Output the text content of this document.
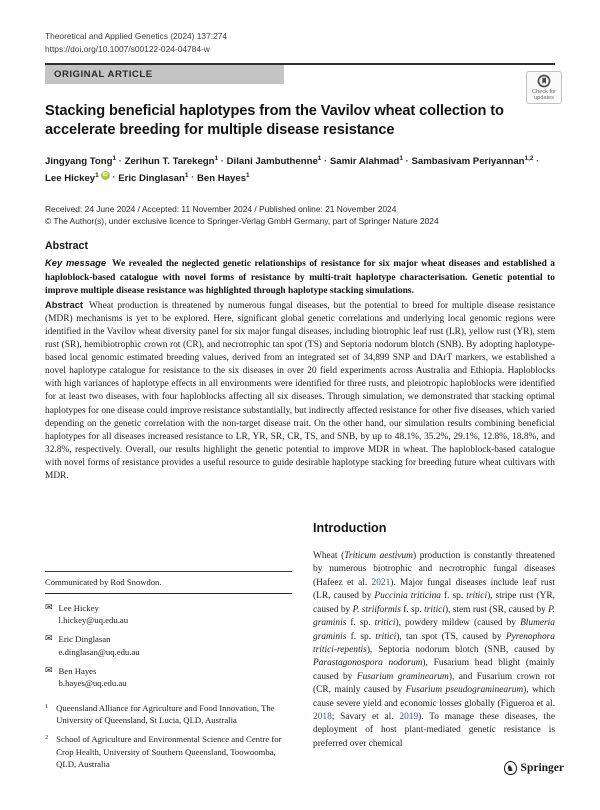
Theoretical and Applied Genetics (2024) 137:274
https://doi.org/10.1007/s00122-024-04784-w
ORIGINAL ARTICLE
Check for
updates
Stacking beneficial haplotypes from the Vavilov wheat collection to accelerate breeding for multiple disease resistance
Jingyang Tong$^1$ · Zerihun T. Tarekegn$^1$ · Dilani Jambuthenne$^1$ · Samir Alahmad$^1$ · Sambasivam Periyannan$^{1,2}$ · Lee Hickey$^1$ iD · Eric Dinglasan$^1$ · Ben Hayes$^1$
Received: 24 June 2024 / Accepted: 11 November 2024 / Published online: 21 November 2024
© The Author(s), under exclusive licence to Springer-Verlag GmbH Germany, part of Springer Nature 2024
Abstract

Key message We revealed the neglected genetic relationships of resistance for six major wheat diseases and established a haploblock-based catalogue with novel forms of resistance by multi-trait haplotype characterisation. Genetic potential to improve multiple disease resistance was highlighted through haplotype stacking simulations.

Abstract Wheat production is threatened by numerous fungal diseases, but the potential to breed for multiple disease resistance (MDR) mechanisms is yet to be explored. Here, significant global genetic correlations and underlying local genomic regions were identified in the Vavilov wheat diversity panel for six major fungal diseases, including biotrophic leaf rust (LR), yellow rust (YR), stem rust (SR), hemibiotrophic crown rot (CR), and necrotrophic tan spot (TS) and Septoria nodorum blotch (SNB). By adopting haplotype-based local genomic estimated breeding values, derived from an integrated set of 34,899 SNP and DArT markers, we established a novel haplotype catalogue for resistance to the six diseases in over 20 field experiments across Australia and Ethiopia. Haploblocks with high variances of haplotype effects in all environments were identified for three rusts, and pleiotropic haploblocks were identified for at least two diseases, with four haploblocks affecting all six diseases. Through simulation, we demonstrated that stacking optimal haplotypes for one disease could improve resistance substantially, but indirectly affected resistance for other five diseases, which varied depending on the genetic correlation with the non-target disease trait. On the other hand, our simulation results combining beneficial haplotypes for all diseases increased resistance to LR, YR, SR, CR, TS, and SNB, by up to 48.1%, 35.2%, 29.1%, 12.8%, 18.8%, and 32.8%, respectively. Overall, our results highlight the genetic potential to improve MDR in wheat. The haploblock-based catalogue with novel forms of resistance provides a useful resource to guide desirable haplotype stacking for breeding future wheat cultivars with MDR.

Communicated by Rod Snowdon.
✉ Lee Hickey
l.hickey@uq.edu.au
✉ Eric Dinglasan
e.dinglasan@uq.edu.au
✉ Ben Hayes
b.hayes@uq.edu.au
1 Queensland Alliance for Agriculture and Food Innovation, The University of Queensland, St Lucia, QLD, Australia
2 School of Agriculture and Environmental Science and Centre for Crop Health, University of Southern Queensland, Toowoomba, QLD, Australia
Introduction

Wheat (Triticum aestivum) production is constantly threatened by numerous biotrophic and necrotrophic fungal diseases (Hafeez et al. 2021). Major fungal diseases include leaf rust (LR, caused by Puccinia triticina f. sp. tritici), stripe rust (YR, caused by P. striiformis f. sp. tritici), stem rust (SR, caused by P. graminis f. sp. tritici), powdery mildew (caused by Blumeria graminis f. sp. tritici), tan spot (TS, caused by Pyrenophora tritici-repentis), Septoria nodorum blotch (SNB, caused by Parastagonospora nodorum), Fusarium head blight (mainly caused by Fusarium graminearum), and Fusarium crown rot (CR, mainly caused by Fusarium pseudograminearum), which cause severe yield and economic losses globally (Figueroa et al. 2018; Savary et al. 2019). To manage these diseases, the deployment of host plant-mediated genetic resistance is preferred over chemical

♞ Springer
